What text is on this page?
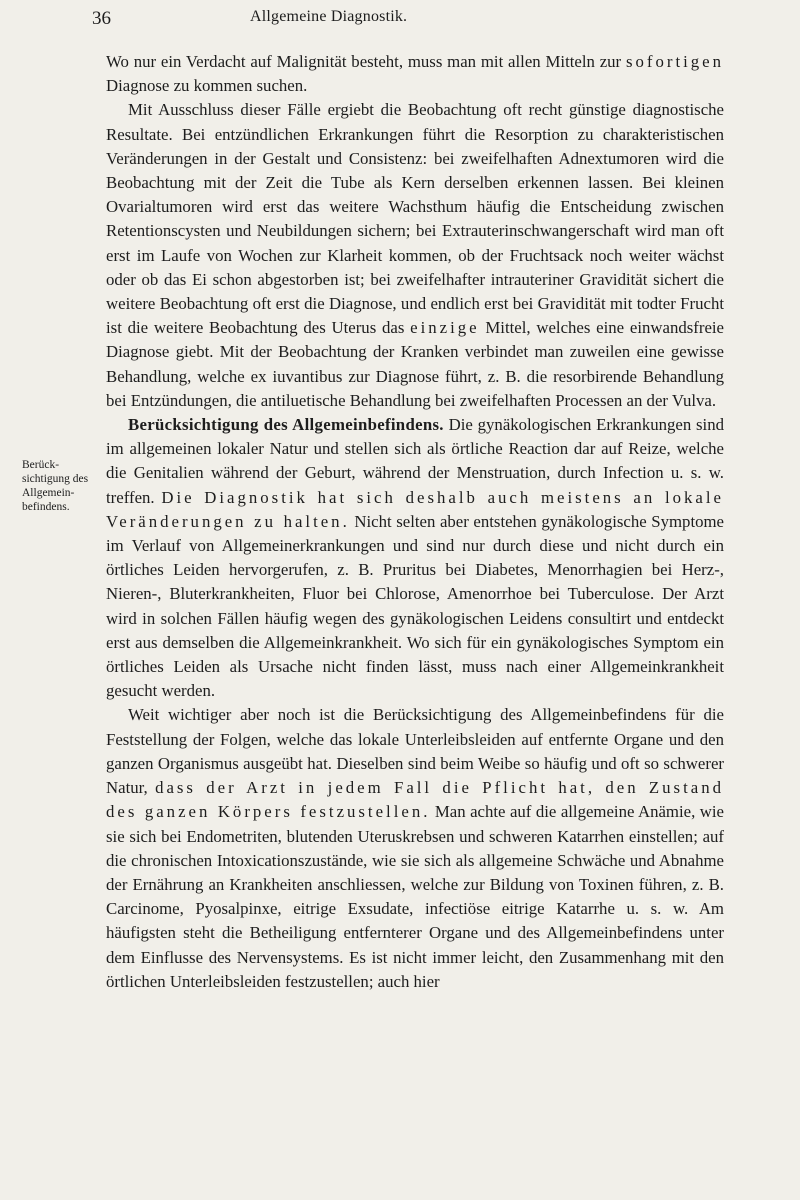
36	Allgemeine Diagnostik.
Berück-
sichtigung des
Allgemein-
befindens.

Wo nur ein Verdacht auf Malignität besteht, muss man mit allen Mitteln zur sofortigen Diagnose zu kommen suchen.

Mit Ausschluss dieser Fälle ergiebt die Beobachtung oft recht günstige diagnostische Resultate. Bei entzündlichen Erkrankungen führt die Resorption zu charakteristischen Veränderungen in der Gestalt und Consistenz: bei zweifelhaften Adnextumoren wird die Beobachtung mit der Zeit die Tube als Kern derselben erkennen lassen. Bei kleinen Ovarialtumoren wird erst das weitere Wachsthum häufig die Entscheidung zwischen Retentionscysten und Neubildungen sichern; bei Extrauterinschwangerschaft wird man oft erst im Laufe von Wochen zur Klarheit kommen, ob der Fruchtsack noch weiter wächst oder ob das Ei schon abgestorben ist; bei zweifelhafter intrauteriner Gravidität sichert die weitere Beobachtung oft erst die Diagnose, und endlich erst bei Gravidität mit todter Frucht ist die weitere Beobachtung des Uterus das einzige Mittel, welches eine einwandsfreie Diagnose giebt. Mit der Beobachtung der Kranken verbindet man zuweilen eine gewisse Behandlung, welche ex iuvantibus zur Diagnose führt, z. B. die resorbirende Behandlung bei Entzündungen, die antiluetische Behandlung bei zweifelhaften Processen an der Vulva.

Berücksichtigung des Allgemeinbefindens. Die gynäkologischen Erkrankungen sind im allgemeinen lokaler Natur und stellen sich als örtliche Reaction dar auf Reize, welche die Genitalien während der Geburt, während der Menstruation, durch Infection u. s. w. treffen. Die Diagnostik hat sich deshalb auch meistens an lokale Veränderungen zu halten. Nicht selten aber entstehen gynäkologische Symptome im Verlauf von Allgemeinerkrankungen und sind nur durch diese und nicht durch ein örtliches Leiden hervorgerufen, z. B. Pruritus bei Diabetes, Menorrhagien bei Herz-, Nieren-, Bluterkrankheiten, Fluor bei Chlorose, Amenorrhoe bei Tuberculose. Der Arzt wird in solchen Fällen häufig wegen des gynäkologischen Leidens consultirt und entdeckt erst aus demselben die Allgemeinkrankheit. Wo sich für ein gynäkologisches Symptom ein örtliches Leiden als Ursache nicht finden lässt, muss nach einer Allgemeinkrankheit gesucht werden.

Weit wichtiger aber noch ist die Berücksichtigung des Allgemeinbefindens für die Feststellung der Folgen, welche das lokale Unterleibsleiden auf entfernte Organe und den ganzen Organismus ausgeübt hat. Dieselben sind beim Weibe so häufig und oft so schwerer Natur, dass der Arzt in jedem Fall die Pflicht hat, den Zustand des ganzen Körpers festzustellen. Man achte auf die allgemeine Anämie, wie sie sich bei Endometriten, blutenden Uteruskrebsen und schweren Katarrhen einstellen; auf die chronischen Intoxicationszustände, wie sie sich als allgemeine Schwäche und Abnahme der Ernährung an Krankheiten anschliessen, welche zur Bildung von Toxinen führen, z. B. Carcinome, Pyosalpinxe, eitrige Exsudate, infectiöse eitrige Katarrhe u. s. w. Am häufigsten steht die Betheiligung entfernterer Organe und des Allgemeinbefindens unter dem Einflusse des Nervensystems. Es ist nicht immer leicht, den Zusammenhang mit den örtlichen Unterleibsleiden festzustellen; auch hier
